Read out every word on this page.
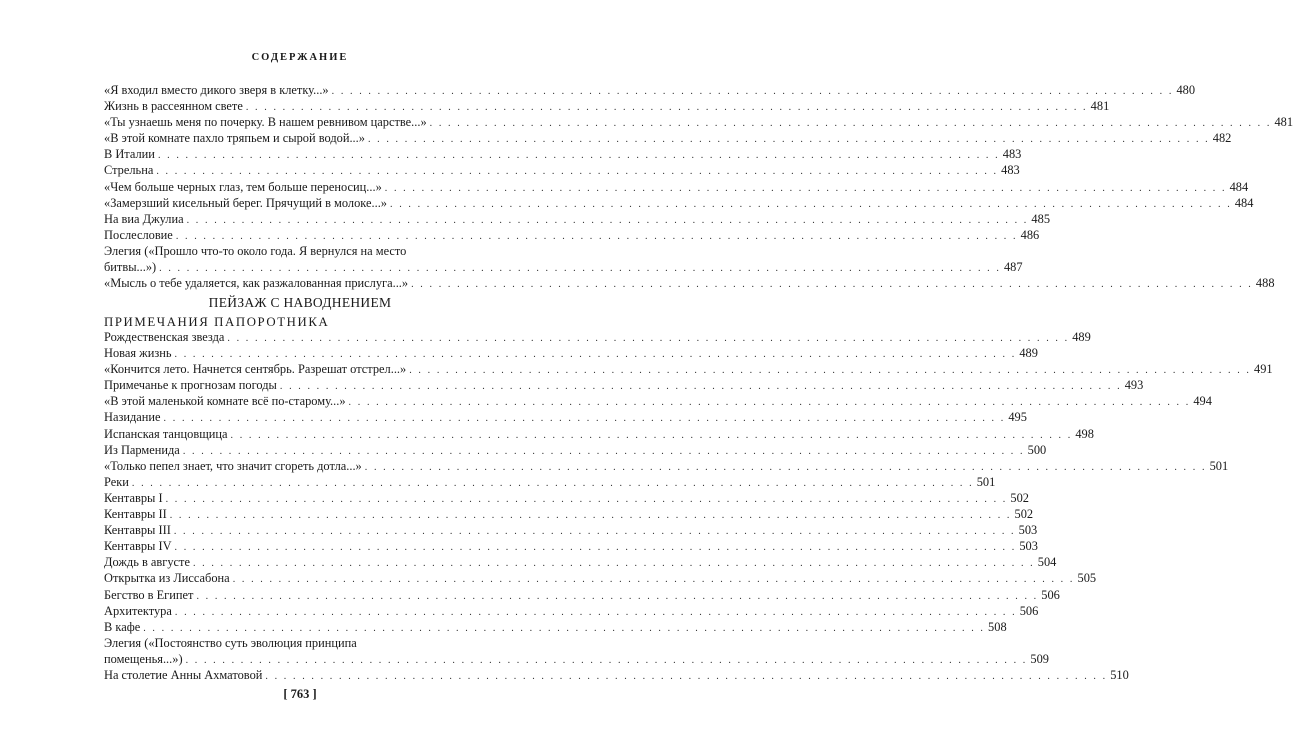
СОДЕРЖАНИЕ
«Я входил вместо дикого зверя в клетку...» . . .	480
Жизнь в рассеянном свете . . .	481
«Ты узнаешь меня по почерку. В нашем ревнивом царстве...» . . .	481
«В этой комнате пахло тряпьем и сырой водой...» . . .	482
В Италии . . .	483
Стрельна . . .	483
«Чем больше черных глаз, тем больше переносиц...» . . .	484
«Замерзший кисельный берег. Прячущий в молоке...» . . .	484
На виа Джулиа . . .	485
Послесловие . . .	486
Элегия («Прошло что-то около года. Я вернулся на место
битвы...») . . .	487
«Мысль о тебе удаляется, как разжалованная прислуга...» . . .	488
ПЕЙЗАЖ С НАВОДНЕНИЕМ
ПРИМЕЧАНИЯ ПАПОРОТНИКА
Рождественская звезда . . .	489
Новая жизнь . . .	489
«Кончится лето. Начнется сентябрь. Разрешат отстрел...» . . .	491
Примечанье к прогнозам погоды . . .	493
«В этой маленькой комнате всё по-старому...» . . .	494
Назидание . . .	495
Испанская танцовщица . . .	498
Из Парменида . . .	500
«Только пепел знает, что значит сгореть дотла...» . . .	501
Реки . . .	501
Кентавры I . . .	502
Кентавры II . . .	502
Кентавры III . . .	503
Кентавры IV . . .	503
Дождь в августе . . .	504
Открытка из Лиссабона . . .	505
Бегство в Египет . . .	506
Архитектура . . .	506
В кафе . . .	508
Элегия («Постоянство суть эволюция принципа
помещенья...») . . .	509
На столетие Анны Ахматовой . . .	510
[ 763 ]
